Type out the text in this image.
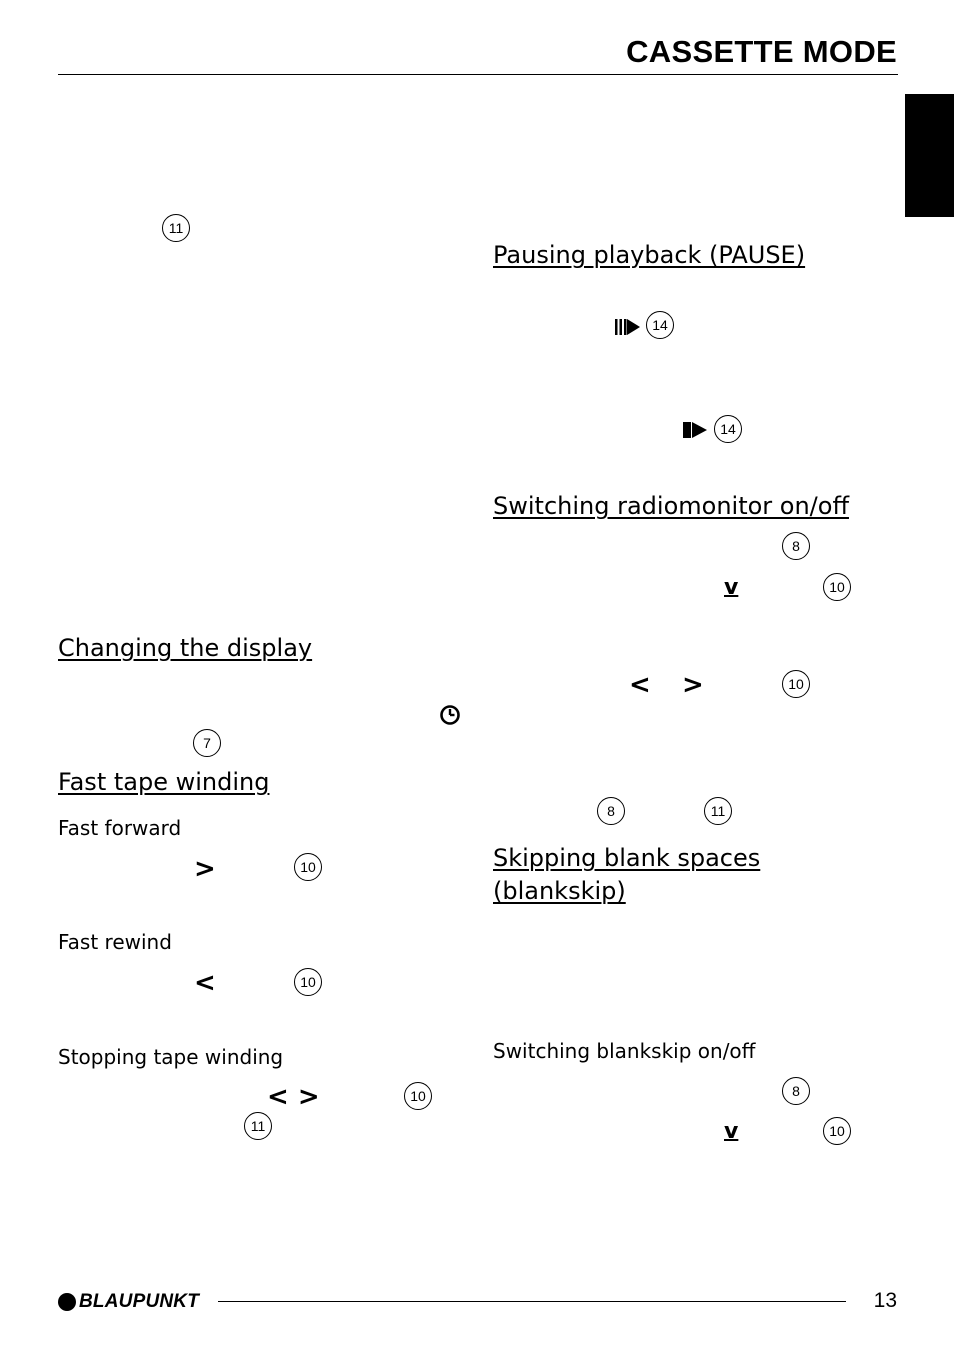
CASSETTE MODE
11
Changing the display
7
Fast tape winding
Fast forward
>	10
Fast rewind
<	10
Stopping tape winding
< >	10
11
Pausing playback (PAUSE)
14
14
Switching radiomonitor on/off
8
v	10
< >	10
8	11
Skipping blank spaces
(blankskip)
Switching blankskip on/off
8
v	10
BLAUPUNKT	13
